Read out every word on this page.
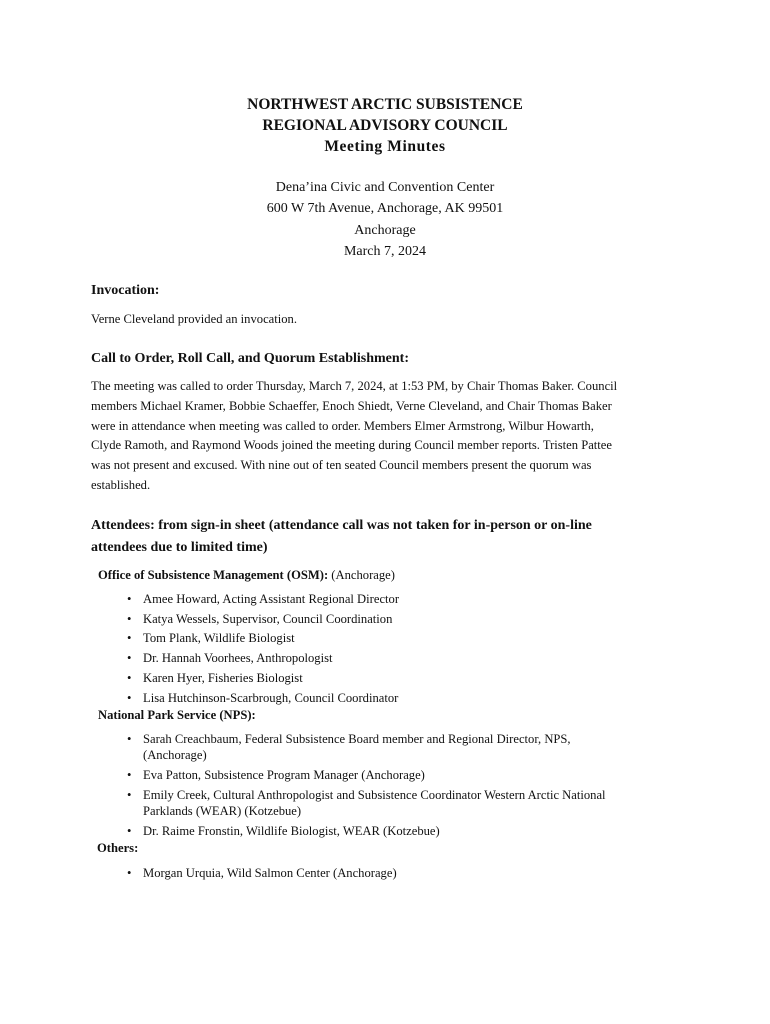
NORTHWEST ARCTIC SUBSISTENCE
REGIONAL ADVISORY COUNCIL
Meeting Minutes
Dena’ina Civic and Convention Center
600 W 7th Avenue, Anchorage, AK 99501
Anchorage
March 7, 2024
Invocation:
Verne Cleveland provided an invocation.
Call to Order, Roll Call, and Quorum Establishment:
The meeting was called to order Thursday, March 7, 2024, at 1:53 PM, by Chair Thomas Baker. Council
members Michael Kramer, Bobbie Schaeffer, Enoch Shiedt, Verne Cleveland, and Chair Thomas Baker
were in attendance when meeting was called to order. Members Elmer Armstrong, Wilbur Howarth,
Clyde Ramoth, and Raymond Woods joined the meeting during Council member reports. Tristen Pattee
was not present and excused. With nine out of ten seated Council members present the quorum was
established.
Attendees: from sign-in sheet (attendance call was not taken for in-person or on-line
attendees due to limited time)
Office of Subsistence Management (OSM): (Anchorage)
• Amee Howard, Acting Assistant Regional Director
• Katya Wessels, Supervisor, Council Coordination
• Tom Plank, Wildlife Biologist
• Dr. Hannah Voorhees, Anthropologist
• Karen Hyer, Fisheries Biologist
• Lisa Hutchinson-Scarbrough, Council Coordinator
National Park Service (NPS):
• Sarah Creachbaum, Federal Subsistence Board member and Regional Director, NPS,
(Anchorage)
• Eva Patton, Subsistence Program Manager (Anchorage)
• Emily Creek, Cultural Anthropologist and Subsistence Coordinator Western Arctic National
Parklands (WEAR) (Kotzebue)
• Dr. Raime Fronstin, Wildlife Biologist, WEAR (Kotzebue)
Others:
• Morgan Urquia, Wild Salmon Center (Anchorage)
